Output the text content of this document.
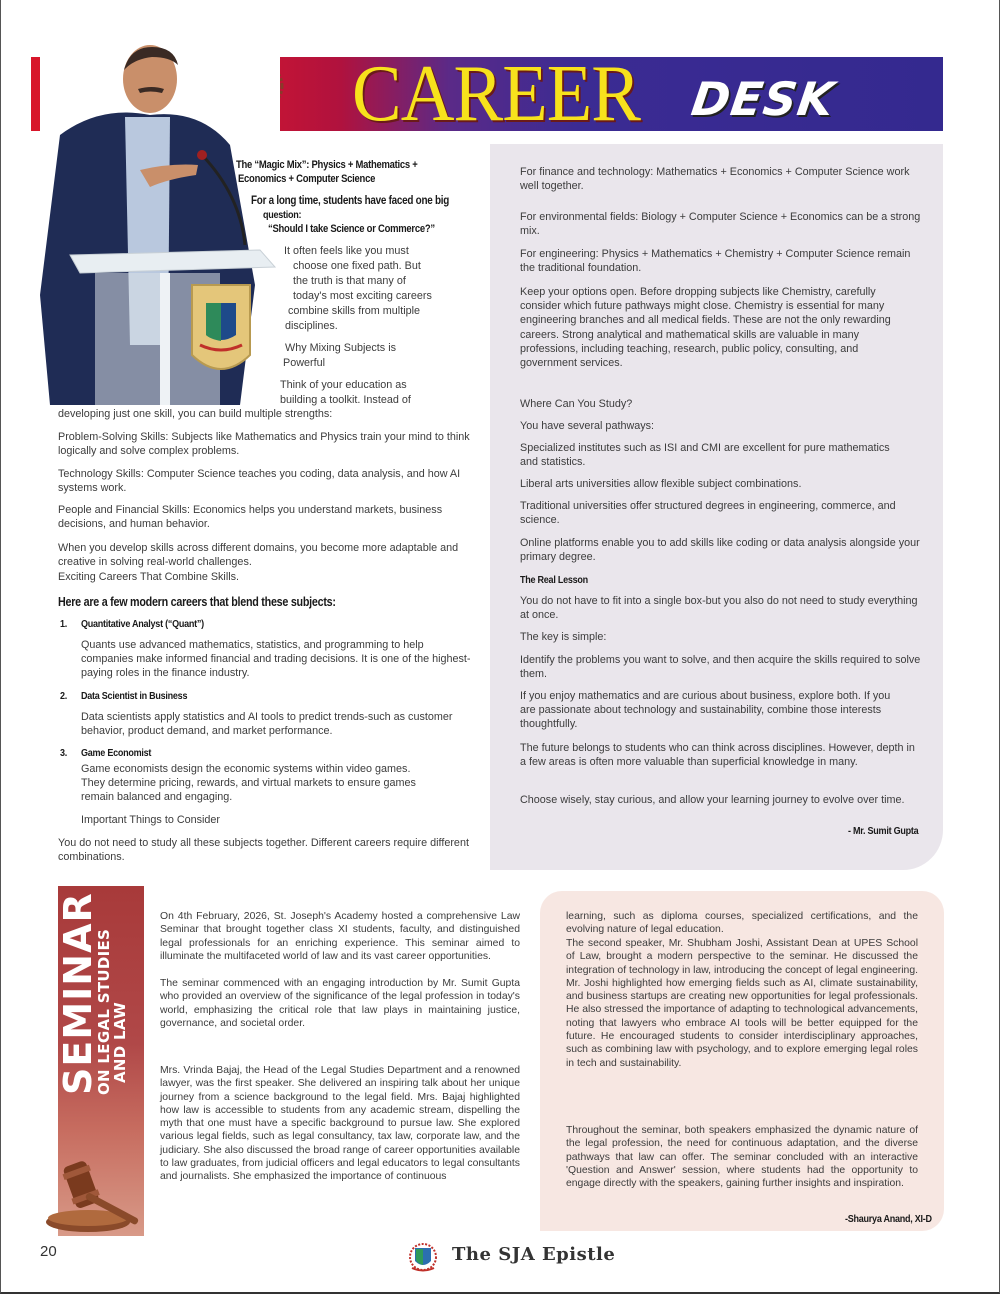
CAREER DESK
The “Magic Mix”: Physics + Mathematics +
Economics + Computer Science
For a long time, students have faced one big
question:
“Should I take Science or Commerce?”
It often feels like you must
choose one fixed path. But
the truth is that many of
today's most exciting careers
combine skills from multiple
disciplines.
Why Mixing Subjects is
Powerful
Think of your education as
building a toolkit. Instead of
developing just one skill, you can build multiple strengths:
Problem-Solving Skills: Subjects like Mathematics and Physics train your mind to think logically and solve complex problems.
Technology Skills: Computer Science teaches you coding, data analysis, and how AI systems work.
People and Financial Skills: Economics helps you understand markets, business decisions, and human behavior.
When you develop skills across different domains, you become more adaptable and creative in solving real-world challenges.
Exciting Careers That Combine Skills.
Here are a few modern careers that blend these subjects:
1. Quantitative Analyst (“Quant”)
Quants use advanced mathematics, statistics, and programming to help companies make informed financial and trading decisions. It is one of the highest-paying roles in the finance industry.
2. Data Scientist in Business
Data scientists apply statistics and AI tools to predict trends-such as customer behavior, product demand, and market performance.
3. Game Economist
Game economists design the economic systems within video games. They determine pricing, rewards, and virtual markets to ensure games remain balanced and engaging.
Important Things to Consider
You do not need to study all these subjects together. Different careers require different combinations.
For finance and technology: Mathematics + Economics + Computer Science work well together.
For environmental fields: Biology + Computer Science + Economics can be a strong mix.
For engineering: Physics + Mathematics + Chemistry + Computer Science remain the traditional foundation.
Keep your options open. Before dropping subjects like Chemistry, carefully consider which future pathways might close. Chemistry is essential for many engineering branches and all medical fields. These are not the only rewarding careers. Strong analytical and mathematical skills are valuable in many professions, including teaching, research, public policy, consulting, and government services.
Where Can You Study?
You have several pathways:
Specialized institutes such as ISI and CMI are excellent for pure mathematics and statistics.
Liberal arts universities allow flexible subject combinations.
Traditional universities offer structured degrees in engineering, commerce, and science.
Online platforms enable you to add skills like coding or data analysis alongside your primary degree.
The Real Lesson
You do not have to fit into a single box-but you also do not need to study everything at once.
The key is simple:
Identify the problems you want to solve, and then acquire the skills required to solve them.
If you enjoy mathematics and are curious about business, explore both. If you are passionate about technology and sustainability, combine those interests thoughtfully.
The future belongs to students who can think across disciplines. However, depth in a few areas is often more valuable than superficial knowledge in many.
Choose wisely, stay curious, and allow your learning journey to evolve over time.
- Mr. Sumit Gupta
SEMINAR
ON LEGAL STUDIES
AND LAW
On 4th February, 2026, St. Joseph's Academy hosted a comprehensive Law Seminar that brought together class XI students, faculty, and distinguished legal professionals for an enriching experience. This seminar aimed to illuminate the multifaceted world of law and its vast career opportunities.
The seminar commenced with an engaging introduction by Mr. Sumit Gupta who provided an overview of the significance of the legal profession in today's world, emphasizing the critical role that law plays in maintaining justice, governance, and societal order.
Mrs. Vrinda Bajaj, the Head of the Legal Studies Department and a renowned lawyer, was the first speaker. She delivered an inspiring talk about her unique journey from a science background to the legal field. Mrs. Bajaj highlighted how law is accessible to students from any academic stream, dispelling the myth that one must have a specific background to pursue law. She explored various legal fields, such as legal consultancy, tax law, corporate law, and the judiciary. She also discussed the broad range of career opportunities available to law graduates, from judicial officers and legal educators to legal consultants and journalists. She emphasized the importance of continuous
learning, such as diploma courses, specialized certifications, and the evolving nature of legal education.
The second speaker, Mr. Shubham Joshi, Assistant Dean at UPES School of Law, brought a modern perspective to the seminar. He discussed the integration of technology in law, introducing the concept of legal engineering. Mr. Joshi highlighted how emerging fields such as AI, climate sustainability, and business startups are creating new opportunities for legal professionals. He also stressed the importance of adapting to technological advancements, noting that lawyers who embrace AI tools will be better equipped for the future. He encouraged students to consider interdisciplinary approaches, such as combining law with psychology, and to explore emerging legal roles in tech and sustainability.
Throughout the seminar, both speakers emphasized the dynamic nature of the legal profession, the need for continuous adaptation, and the diverse pathways that law can offer. The seminar concluded with an interactive 'Question and Answer' session, where students had the opportunity to engage directly with the speakers, gaining further insights and inspiration.
-Shaurya Anand, XI-D
20	The SJA Epistle
